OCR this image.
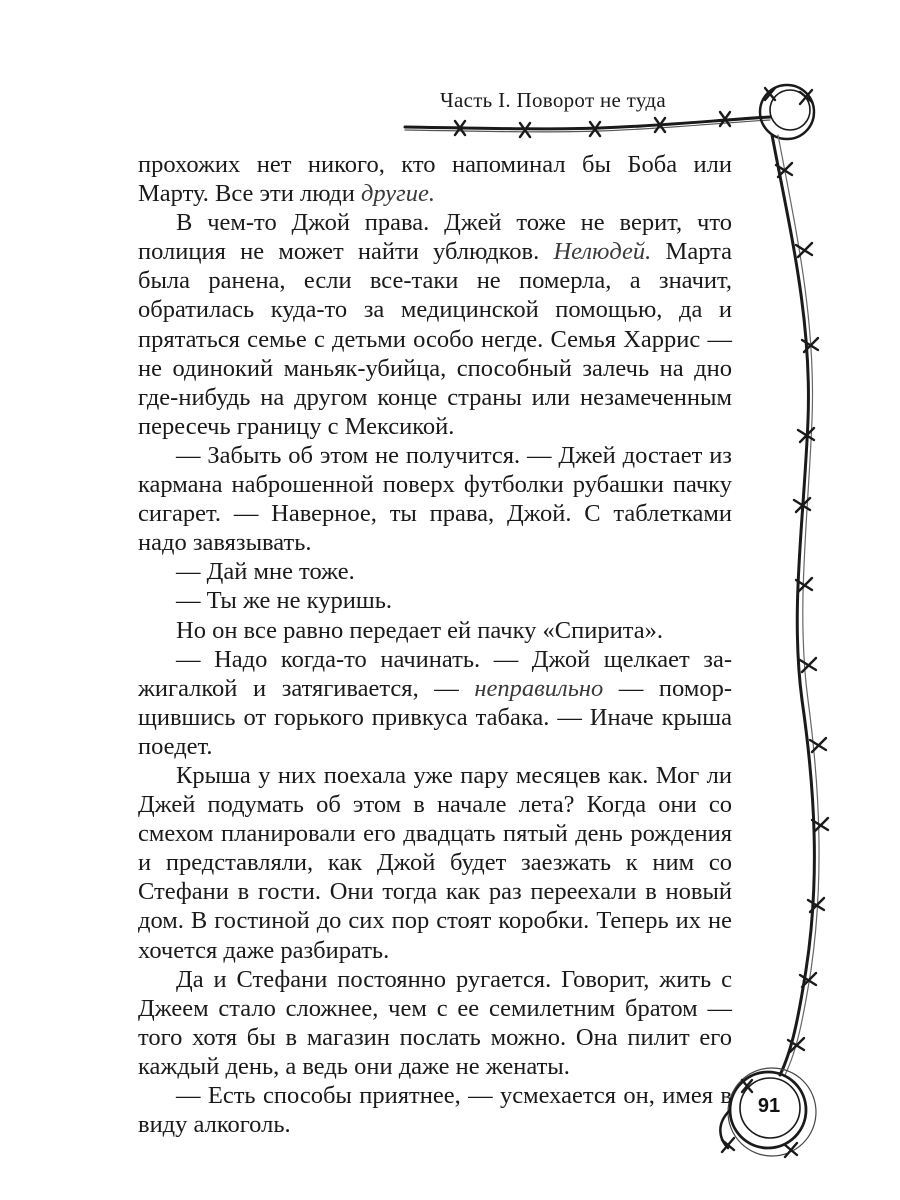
Часть I. Поворот не туда

прохожих нет никого, кто напоминал бы Боба или Марту. Все эти люди другие.

В чем-то Джой права. Джей тоже не верит, что полиция не может найти ублюдков. Нелюдей. Марта была ранена, если все-таки не померла, а значит, обратилась куда-то за медицинской помощью, да и прятаться семье с детьми особо негде. Семья Харрис — не одинокий маньяк-убийца, способный залечь на дно где-нибудь на другом конце страны или незамеченным пересечь границу с Мексикой.

— Забыть об этом не получится. — Джей достает из кармана наброшенной поверх футболки рубашки пачку сигарет. — Наверное, ты права, Джой. С таблетками надо завязывать.

— Дай мне тоже.

— Ты же не куришь.

Но он все равно передает ей пачку «Спирита».

— Надо когда-то начинать. — Джой щелкает зажигалкой и затягивается, — неправильно — поморщившись от горького привкуса табака. — Иначе крыша поедет.

Крыша у них поехала уже пару месяцев как. Мог ли Джей подумать об этом в начале лета? Когда они со смехом планировали его двадцать пятый день рождения и представляли, как Джой будет заезжать к ним со Стефани в гости. Они тогда как раз переехaли в новый дом. В гостиной до сих пор стоят коробки. Теперь их не хочется даже разбирать.

Да и Стефани постоянно ругается. Говорит, жить с Джеем стало сложнее, чем с ее семилетним братом — того хотя бы в магазин послать можно. Она пилит его каждый день, а ведь они даже не женаты.

— Есть способы приятнее, — усмехается он, имея в виду алкоголь.

91
